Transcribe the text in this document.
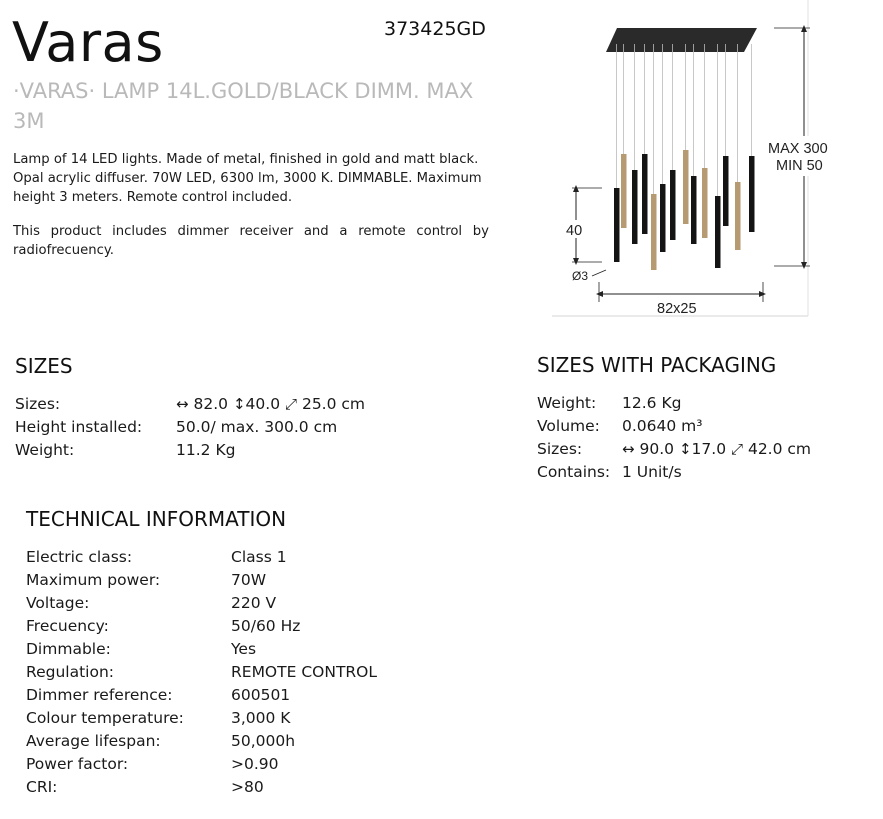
Varas	373425GD
·VARAS· LAMP 14L.GOLD/BLACK DIMM. MAX 3M

Lamp of 14 LED lights. Made of metal, finished in gold and matt black. Opal acrylic diffuser. 70W LED, 6300 lm, 3000 K. DIMMABLE. Maximum height 3 meters. Remote control included.

This product includes dimmer receiver and a remote control by radiofrecuency.

MAX 300
MIN 50
40
Ø3
82x25
SIZES
Sizes:	↔ 82.0 ↕40.0 ⤢ 25.0 cm
Height installed: 50.0/ max. 300.0 cm
Weight:	11.2 Kg
SIZES WITH PACKAGING
Weight: 12.6 Kg
Volume: 0.0640 m³
Sizes:	↔ 90.0 ↕17.0 ⤢ 42.0 cm
Contains: 1 Unit/s
TECHNICAL INFORMATION
Electric class:	Class 1
Maximum power:	70W
Voltage:	220 V
Frecuency:	50/60 Hz
Dimmable:	Yes
Regulation:	REMOTE CONTROL
Dimmer reference:	600501
Colour temperature:	3,000 K
Average lifespan:	50,000h
Power factor:	>0.90
CRI:	>80
